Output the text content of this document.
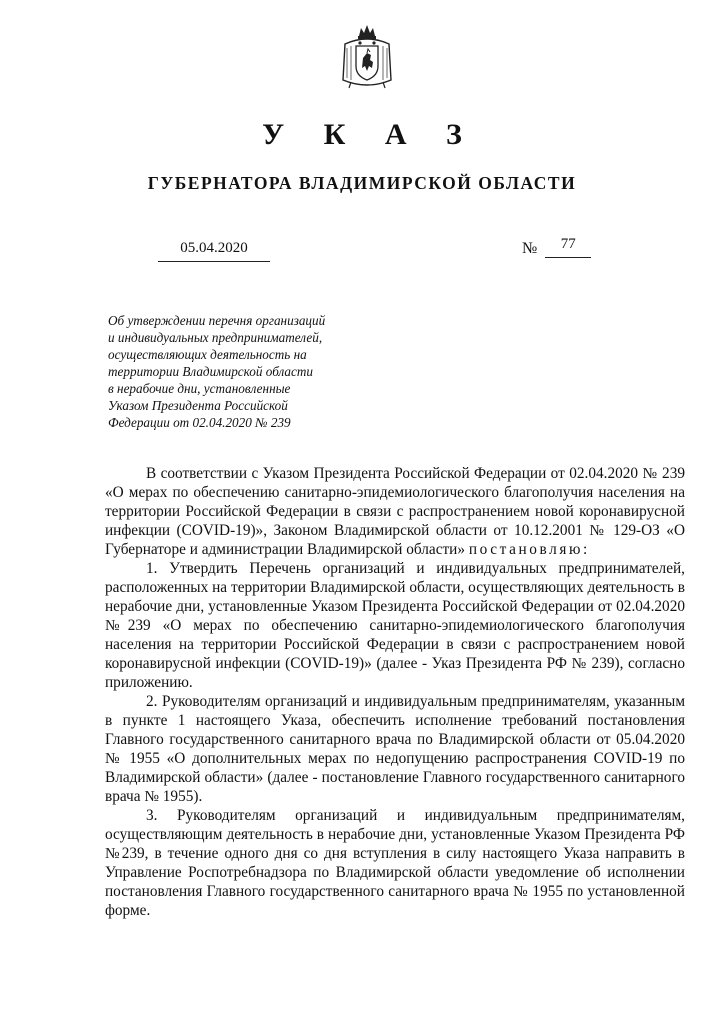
У К А З
ГУБЕРНАТОРА ВЛАДИМИРСКОЙ ОБЛАСТИ
05.04.2020	№	77
Об утверждении перечня организаций
и индивидуальных предпринимателей,
осуществляющих деятельность на
территории Владимирской области
в нерабочие дни, установленные
Указом Президента Российской
Федерации от 02.04.2020 № 239

В соответствии с Указом Президента Российской Федерации от 02.04.2020 № 239 «О мерах по обеспечению санитарно-эпидемиологического благополучия населения на территории Российской Федерации в связи с распространением новой коронавирусной инфекции (COVID-19)», Законом Владимирской области от 10.12.2001 № 129-ОЗ «О Губернаторе и администрации Владимирской области» постановляю:

1. Утвердить Перечень организаций и индивидуальных предпринимателей, расположенных на территории Владимирской области, осуществляющих деятельность в нерабочие дни, установленные Указом Президента Российской Федерации от 02.04.2020 №239 «О мерах по обеспечению санитарно-эпидемиологического благополучия населения на территории Российской Федерации в связи с распространением новой коронавирусной инфекции (COVID-19)» (далее - Указ Президента РФ № 239), согласно приложению.

2. Руководителям организаций и индивидуальным предпринимателям, указанным в пункте 1 настоящего Указа, обеспечить исполнение требований постановления Главного государственного санитарного врача по Владимирской области от 05.04.2020 № 1955 «О дополнительных мерах по недопущению распространения COVID-19 по Владимирской области» (далее - постановление Главного государственного санитарного врача № 1955).

3. Руководителям организаций и индивидуальным предпринимателям, осуществляющим деятельность в нерабочие дни, установленные Указом Президента РФ №239, в течение одного дня со дня вступления в силу настоящего Указа направить в Управление Роспотребнадзора по Владимирской области уведомление об исполнении постановления Главного государственного санитарного врача № 1955 по установленной форме.
